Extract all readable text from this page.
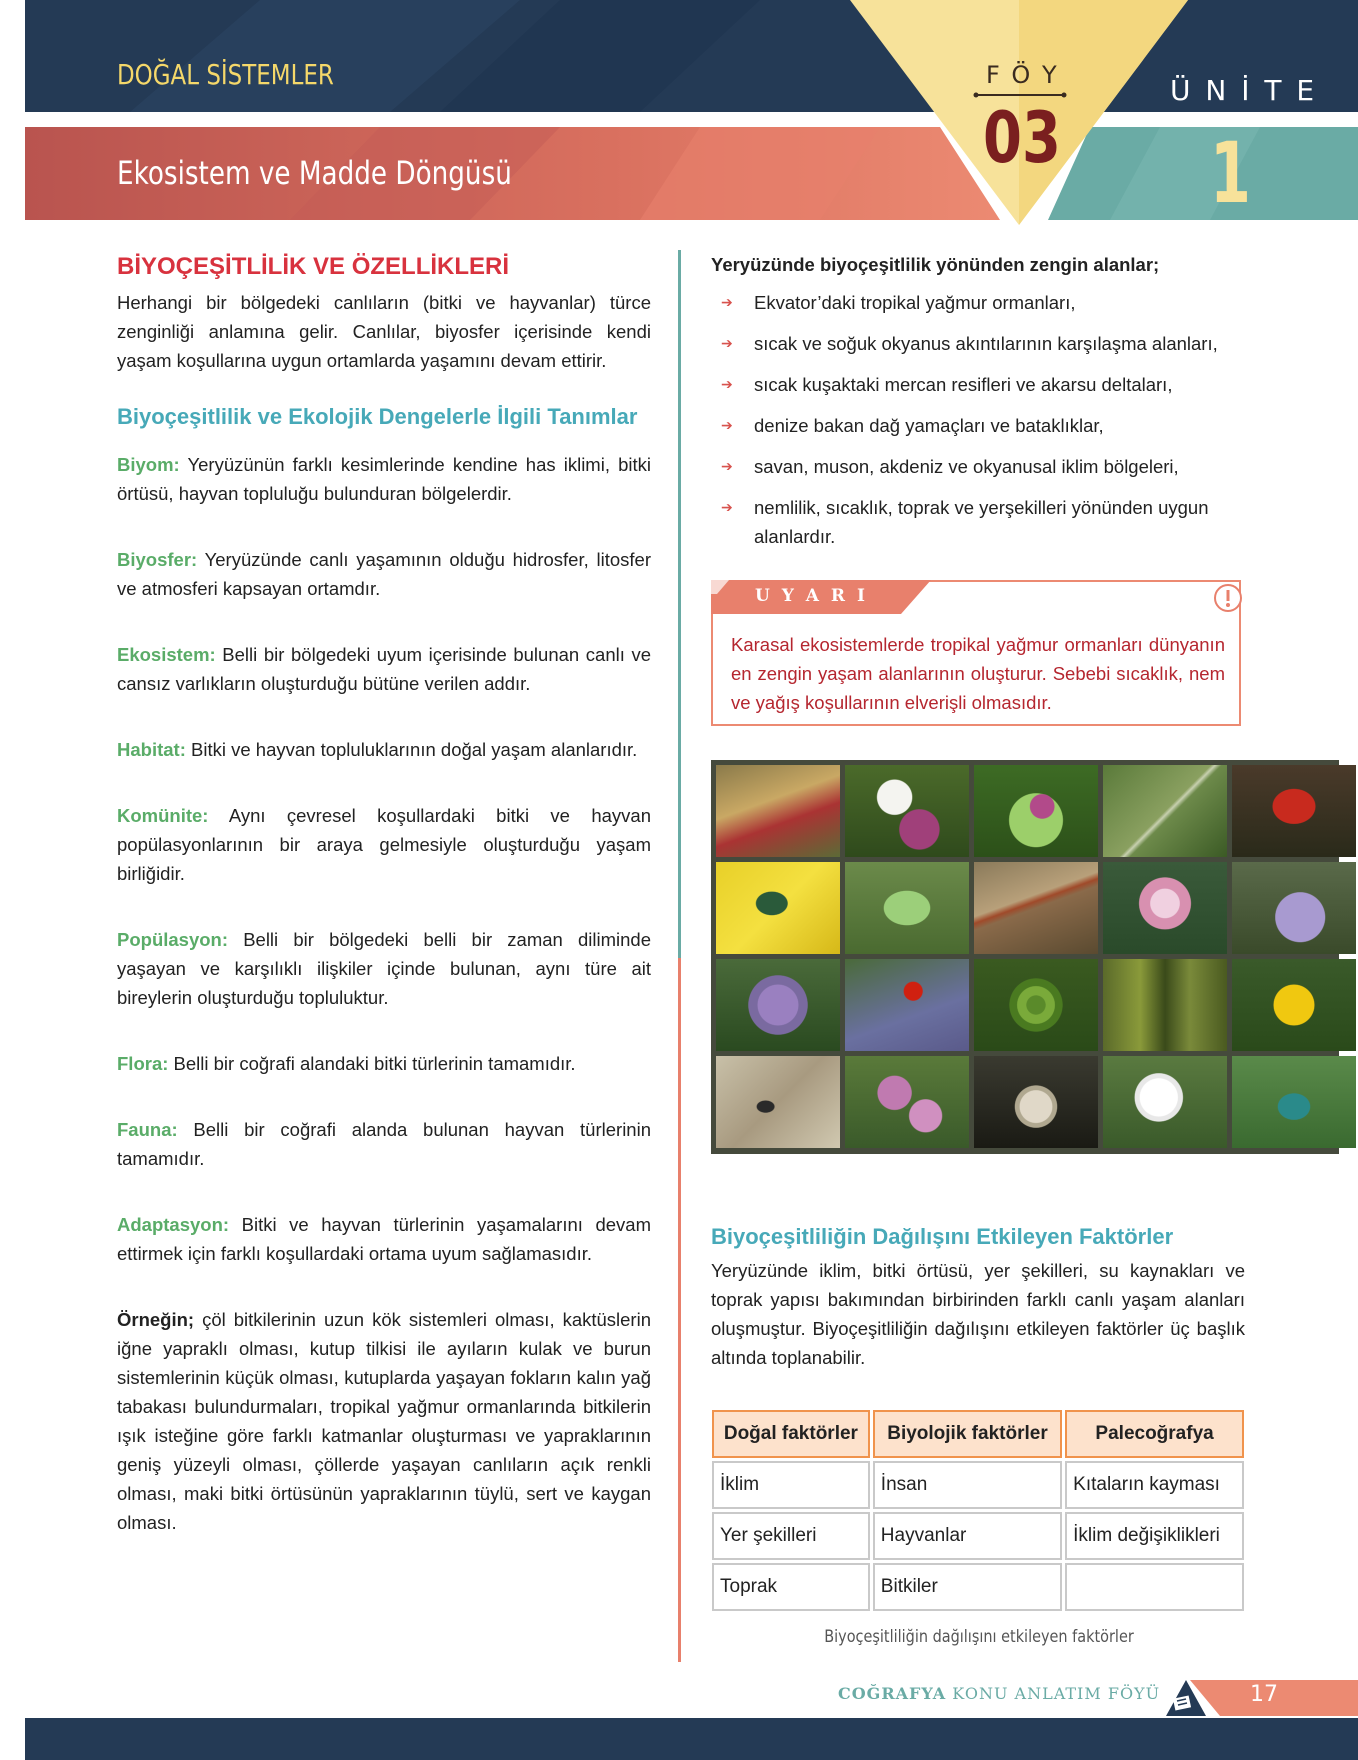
DOĞAL SİSTEMLER
Ekosistem ve Madde Döngüsü
F Ö Y
03
Ü N İ T E
1
BİYOÇEŞİTLİLİK VE ÖZELLİKLERİ

Herhangi bir bölgedeki canlıların (bitki ve hayvanlar) türce zenginliği anlamına gelir. Canlılar, biyosfer içerisinde kendi yaşam koşullarına uygun ortamlarda yaşamını devam ettirir.

Biyoçeşitlilik ve Ekolojik Dengelerle İlgili Tanımlar

Biyom: Yeryüzünün farklı kesimlerinde kendine has iklimi, bitki örtüsü, hayvan topluluğu bulunduran bölgelerdir.

Biyosfer: Yeryüzünde canlı yaşamının olduğu hidrosfer, litosfer ve atmosferi kapsayan ortamdır.

Ekosistem: Belli bir bölgedeki uyum içerisinde bulunan canlı ve cansız varlıkların oluşturduğu bütüne verilen addır.

Habitat: Bitki ve hayvan topluluklarının doğal yaşam alanlarıdır.

Komünite: Aynı çevresel koşullardaki bitki ve hayvan popülasyonlarının bir araya gelmesiyle oluşturduğu yaşam birliğidir.

Popülasyon: Belli bir bölgedeki belli bir zaman diliminde yaşayan ve karşılıklı ilişkiler içinde bulunan, aynı türe ait bireylerin oluşturduğu topluluktur.

Flora: Belli bir coğrafi alandaki bitki türlerinin tamamıdır.

Fauna: Belli bir coğrafi alanda bulunan hayvan türlerinin tamamıdır.

Adaptasyon: Bitki ve hayvan türlerinin yaşamalarını devam ettirmek için farklı koşullardaki ortama uyum sağlamasıdır.

Örneğin; çöl bitkilerinin uzun kök sistemleri olması, kaktüslerin iğne yapraklı olması, kutup tilkisi ile ayıların kulak ve burun sistemlerinin küçük olması, kutuplarda yaşayan fokların kalın yağ tabakası bulundurmaları, tropikal yağmur ormanlarında bitkilerin ışık isteğine göre farklı katmanlar oluşturması ve yapraklarının geniş yüzeyli olması, çöllerde yaşayan canlıların açık renkli olması, maki bitki örtüsünün yapraklarının tüylü, sert ve kaygan olması.

Yeryüzünde biyoçeşitlilik yönünden zengin alanlar;

➔ Ekvator’daki tropikal yağmur ormanları,
➔ sıcak ve soğuk okyanus akıntılarının karşılaşma alanları,
➔ sıcak kuşaktaki mercan resifleri ve akarsu deltaları,
➔ denize bakan dağ yamaçları ve bataklıklar,
➔ savan, muson, akdeniz ve okyanusal iklim bölgeleri,
➔ nemlilik, sıcaklık, toprak ve yerşekilleri yönünden uygun alanlardır.
U Y A R I

Karasal ekosistemlerde tropikal yağmur ormanları dünyanın en zengin yaşam alanlarının oluşturur. Sebebi sıcaklık, nem ve yağış koşullarının elverişli olmasıdır.

Biyoçeşitliliğin Dağılışını Etkileyen Faktörler

Yeryüzünde iklim, bitki örtüsü, yer şekilleri, su kaynakları ve toprak yapısı bakımından birbirinden farklı canlı yaşam alanları oluşmuştur. Biyoçeşitliliğin dağılışını etkileyen faktörler üç başlık altında toplanabilir.

Doğal faktörler	Biyolojik faktörler	Palecoğrafya
İklim	İnsan	Kıtaların kayması
Yer şekilleri	Hayvanlar	İklim değişiklikleri
Toprak	Bitkiler	
Biyoçeşitliliğin dağılışını etkileyen faktörler
COĞRAFYA KONU ANLATIM FÖYÜ	17
